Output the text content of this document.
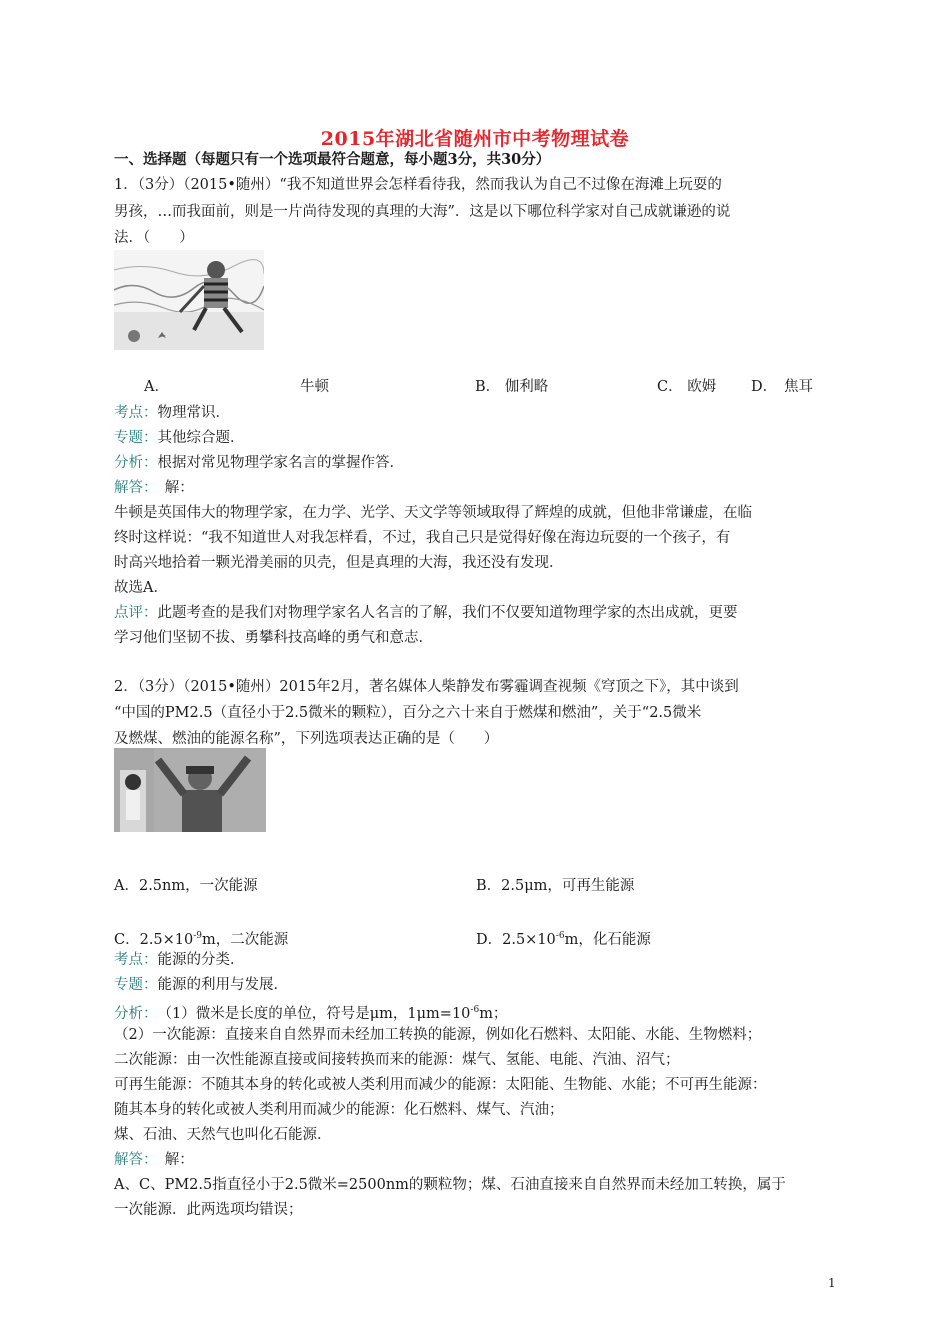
2015年湖北省随州市中考物理试卷
一、选择题（每题只有一个选项最符合题意，每小题3分，共30分）
1．（3分）（2015•随州）“我不知道世界会怎样看待我，然而我认为自己不过像在海滩上玩耍的
男孩，…而我面前，则是一片尚待发现的真理的大海”．这是以下哪位科学家对自己成就谦逊的说
法．（　　）
A．	牛顿	B． 伽利略	C． 欧姆 D． 焦耳
考点：物理常识．
专题：其他综合题．
分析：根据对常见物理学家名言的掌握作答．
解答：　解：
牛顿是英国伟大的物理学家，在力学、光学、天文学等领域取得了辉煌的成就，但他非常谦虚，在临
终时这样说：“我不知道世人对我怎样看，不过，我自己只是觉得好像在海边玩耍的一个孩子，有
时高兴地拾着一颗光滑美丽的贝壳，但是真理的大海，我还没有发现．
故选A．
点评：此题考查的是我们对物理学家名人名言的了解，我们不仅要知道物理学家的杰出成就，更要
学习他们坚韧不拔、勇攀科技高峰的勇气和意志．
2．（3分）（2015•随州）2015年2月，著名媒体人柴静发布雾霾调查视频《穹顶之下》，其中谈到
“中国的PM2.5（直径小于2.5微米的颗粒），百分之六十来自于燃煤和燃油”，关于“2.5微米
及燃煤、燃油的能源名称”，下列选项表达正确的是（　　）
A．2.5nm，一次能源	B．2.5μm，可再生能源
C．$2.5\times 10^{-9}m$，二次能源	D．$2.5\times 10^{-6}m$，化石能源
考点：能源的分类．
专题：能源的利用与发展．
分析：　（1）微米是长度的单位，符号是μm，$1\mu m=10^{-6}m$；
（2）一次能源：直接来自自然界而未经加工转换的能源，例如化石燃料、太阳能、水能、生物燃料；
二次能源：由一次性能源直接或间接转换而来的能源：煤气、氢能、电能、汽油、沼气；
可再生能源：不随其本身的转化或被人类利用而减少的能源：太阳能、生物能、水能；不可再生能源：
随其本身的转化或被人类利用而减少的能源：化石燃料、煤气、汽油；
煤、石油、天然气也叫化石能源．
解答：　解：
A、C、PM2.5指直径小于2.5微米=2500nm的颗粒物；煤、石油直接来自自然界而未经加工转换，属于
一次能源．此两选项均错误；
1
